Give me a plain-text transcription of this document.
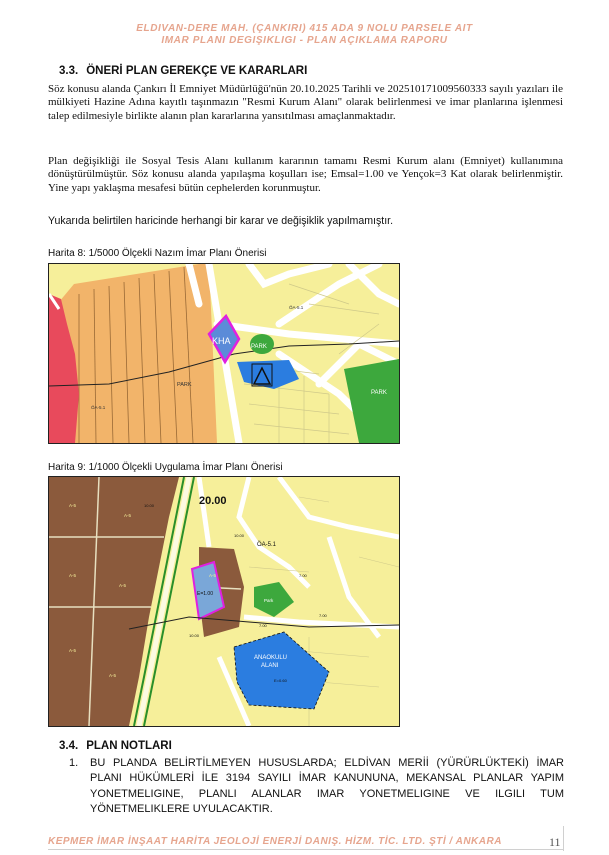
ELDIVAN-DERE MAH. (ÇANKIRI) 415 ADA 9 NOLU PARSELE AIT
IMAR PLANI DEGIŞIKLIGI - PLAN AÇIKLAMA RAPORU
3.3. ÖNERİ PLAN GEREKÇE VE KARARLARI
Söz konusu alanda Çankırı İl Emniyet Müdürlüğü'nün 20.10.2025 Tarihli ve 202510171009560333 sayılı yazıları ile mülkiyeti Hazine Adına kayıtlı taşınmazın "Resmi Kurum Alanı" olarak belirlenmesi ve imar planlarına işlenmesi talep edilmesiyle birlikte alanın plan kararlarına yansıtılması amaçlanmaktadır.
Plan değişikliği ile Sosyal Tesis Alanı kullanım kararının tamamı Resmi Kurum alanı (Emniyet) kullanımına dönüştürülmüştür. Söz konusu alanda yapılaşma koşulları ise; Emsal=1.00 ve Yençok=3 Kat olarak belirlenmiştir. Yine yapı yaklaşma mesafesi bütün cephelerden korunmuştur.
Yukarıda belirtilen haricinde herhangi bir karar ve değişiklik yapılmamıştır.
Harita 8: 1/5000 Ölçekli Nazım İmar Planı Önerisi
KHA
PARK
PARK
PARK
ÖA-5.1
ÖA-5.1
Harita 9: 1/1000 Ölçekli Uygulama İmar Planı Önerisi
ANAOKULU
ALANI
E=0.60
Park
E=1.00
20.00
ÖA-5.1
A-5
A-5
A-5
A-5
A-5
A-5
A-5
10.00
10.00
7.00
7.00
7.00
10.00
3.4. PLAN NOTLARI
1. BU PLANDA BELİRTİLMEYEN HUSUSLARDA; ELDİVAN MERİİ (YÜRÜRLÜKTEKİ) İMAR PLANI HÜKÜMLERİ İLE 3194 SAYILI İMAR KANUNUNA, MEKANSAL PLANLAR YAPIM YONETMELIGINE, PLANLI ALANLAR IMAR YONETMELIGINE VE ILGILI TUM YÖNETMELIKLERE UYULACAKTIR.
KEPMER İMAR İNŞAAT HARİTA JEOLOJİ ENERJİ DANIŞ. HİZM. TİC. LTD. ŞTİ / ANKARA	11
